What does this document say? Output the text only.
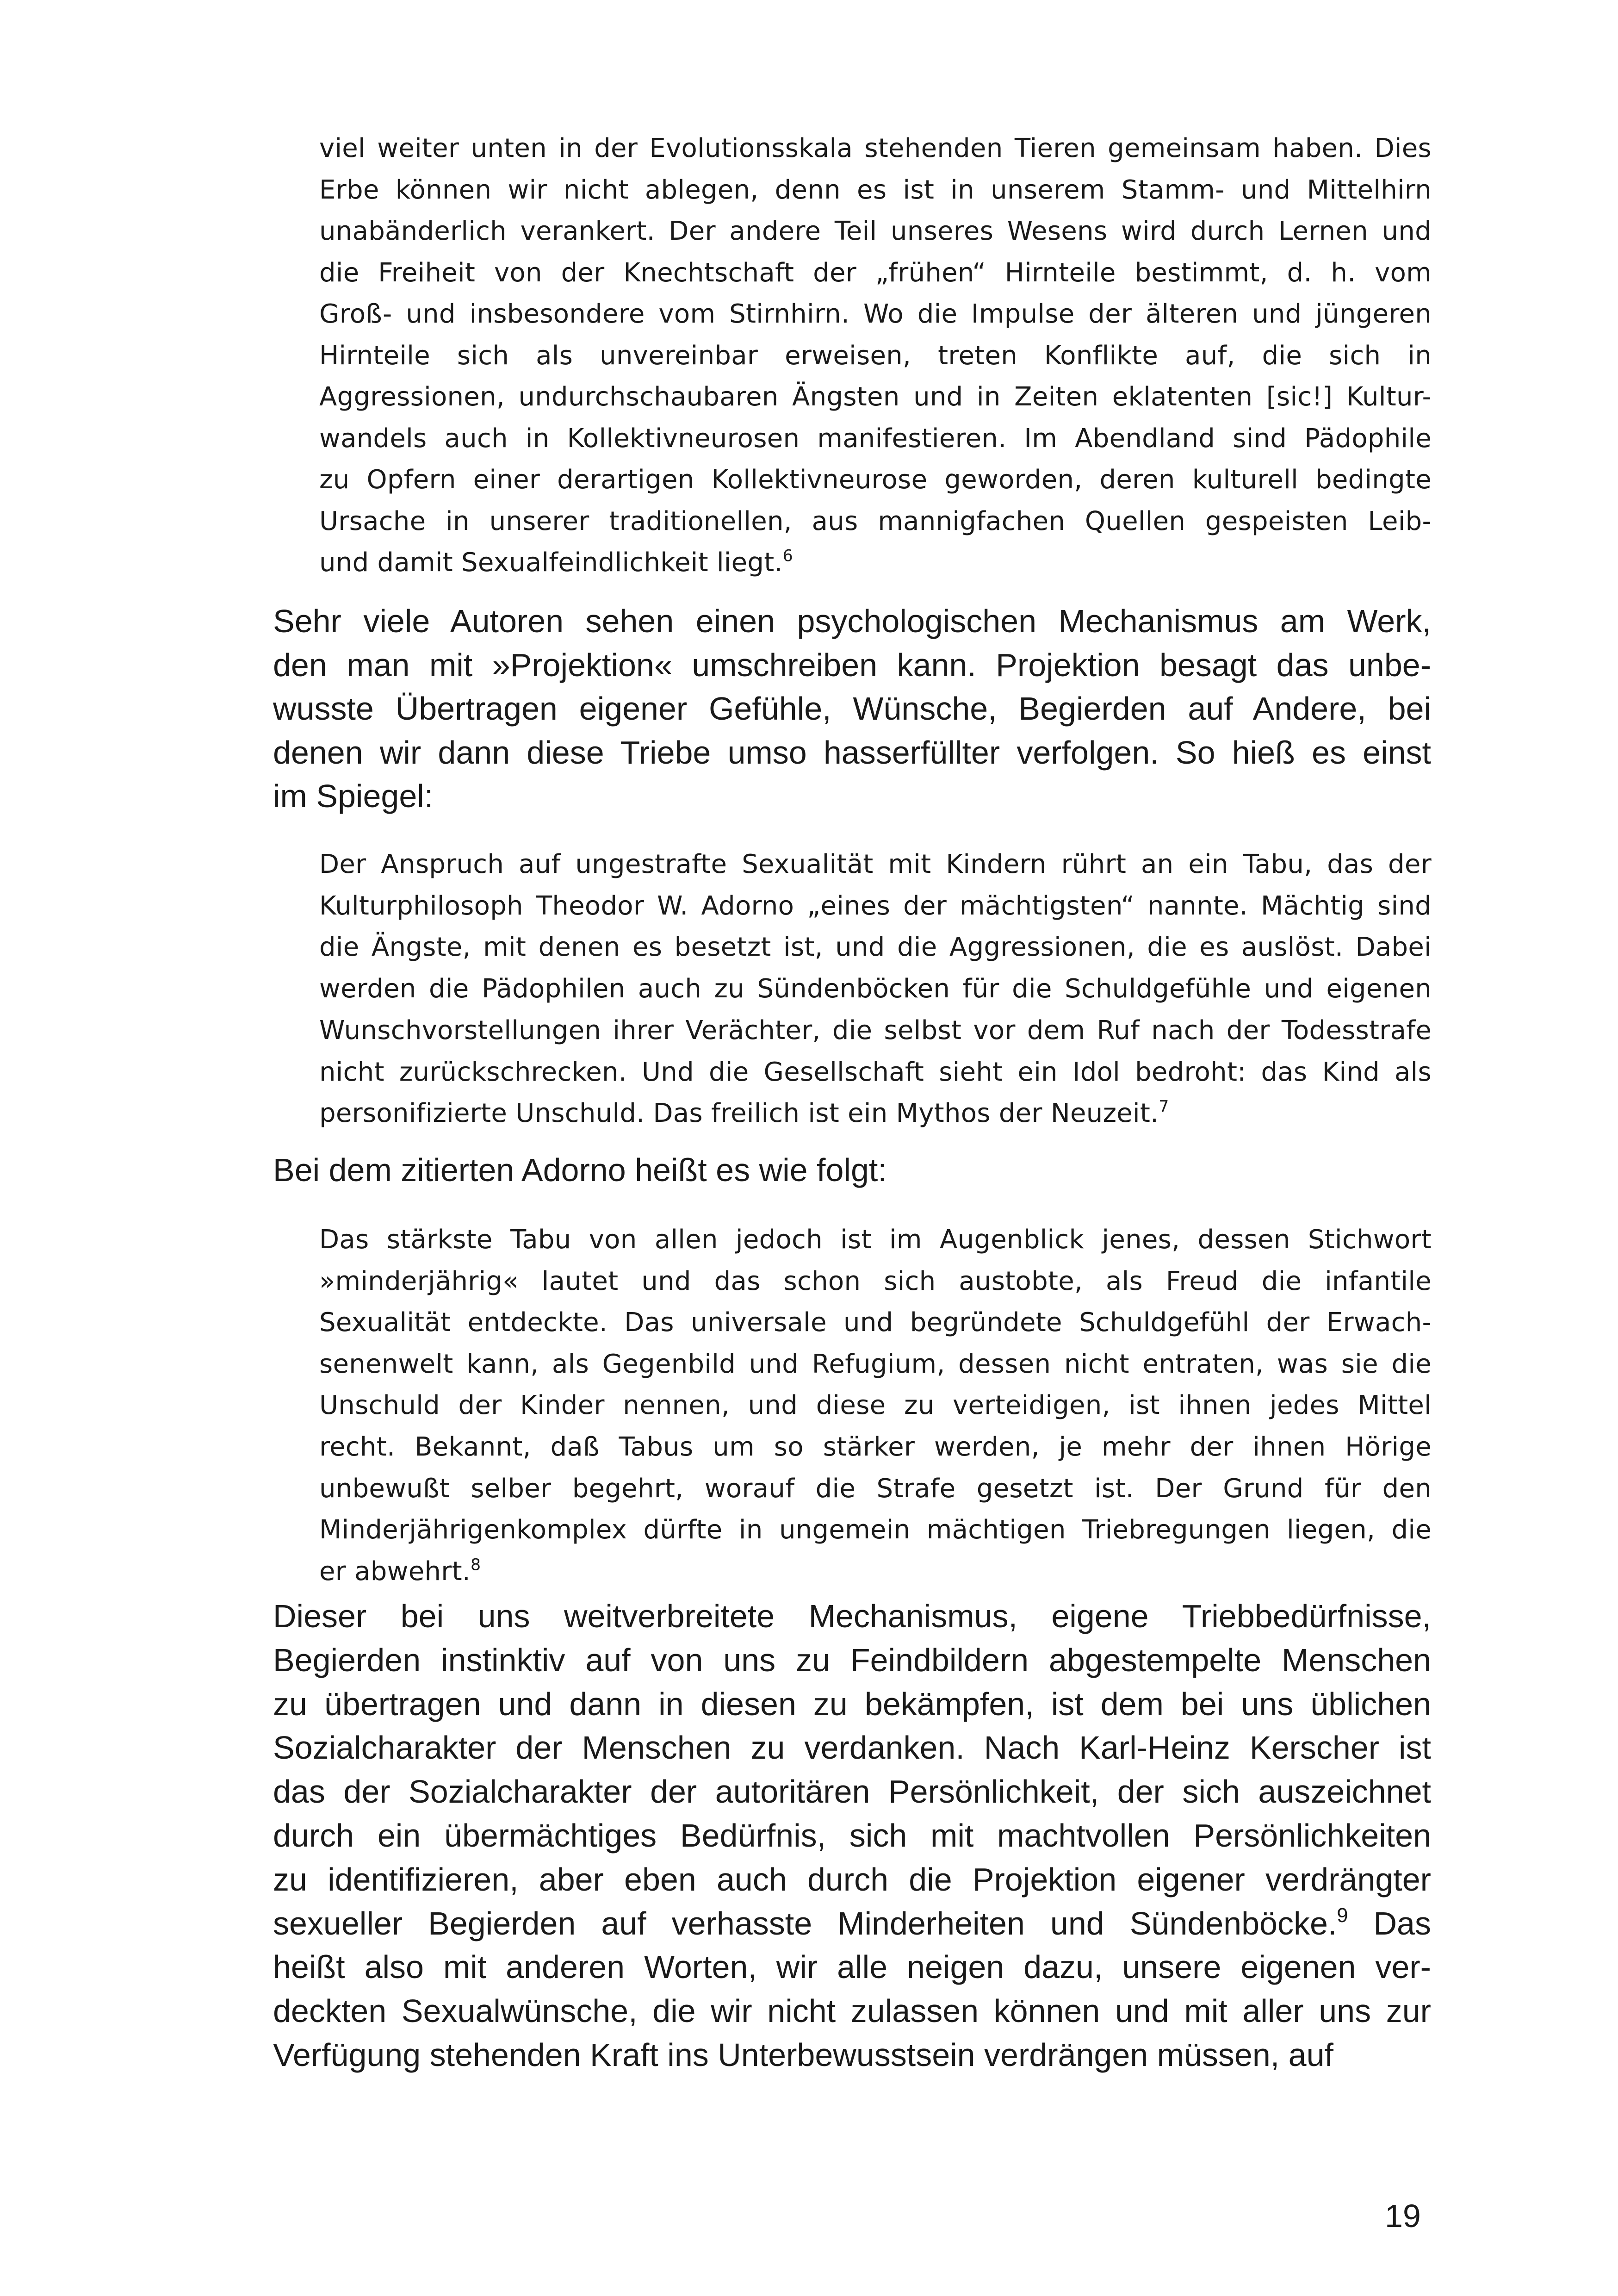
viel weiter unten in der Evolutionsskala stehenden Tieren gemeinsam haben. Dies
Erbe können wir nicht ablegen, denn es ist in unserem Stamm- und Mittelhirn
unabänderlich verankert. Der andere Teil unseres Wesens wird durch Lernen und
die Freiheit von der Knechtschaft der „frühen“ Hirnteile bestimmt, d. h. vom
Groß- und insbesondere vom Stirnhirn. Wo die Impulse der älteren und jüngeren
Hirnteile sich als unvereinbar erweisen, treten Konflikte auf, die sich in
Aggressionen, undurchschaubaren Ängsten und in Zeiten eklatenten [sic!] Kultur-
wandels auch in Kollektivneurosen manifestieren. Im Abendland sind Pädophile
zu Opfern einer derartigen Kollektivneurose geworden, deren kulturell bedingte
Ursache in unserer traditionellen, aus mannigfachen Quellen gespeisten Leib-
und damit Sexualfeindlichkeit liegt.$^6$
Sehr viele Autoren sehen einen psychologischen Mechanismus am Werk,
den man mit »Projektion« umschreiben kann. Projektion besagt das unbe-
wusste Übertragen eigener Gefühle, Wünsche, Begierden auf Andere, bei
denen wir dann diese Triebe umso hasserfüllter verfolgen. So hieß es einst
im Spiegel:
Der Anspruch auf ungestrafte Sexualität mit Kindern rührt an ein Tabu, das der
Kulturphilosoph Theodor W. Adorno „eines der mächtigsten“ nannte. Mächtig sind
die Ängste, mit denen es besetzt ist, und die Aggressionen, die es auslöst. Dabei
werden die Pädophilen auch zu Sündenböcken für die Schuldgefühle und eigenen
Wunschvorstellungen ihrer Verächter, die selbst vor dem Ruf nach der Todesstrafe
nicht zurückschrecken. Und die Gesellschaft sieht ein Idol bedroht: das Kind als
personifizierte Unschuld. Das freilich ist ein Mythos der Neuzeit.$^7$
Bei dem zitierten Adorno heißt es wie folgt:
Das stärkste Tabu von allen jedoch ist im Augenblick jenes, dessen Stichwort
»minderjährig« lautet und das schon sich austobte, als Freud die infantile
Sexualität entdeckte. Das universale und begründete Schuldgefühl der Erwach-
senenwelt kann, als Gegenbild und Refugium, dessen nicht entraten, was sie die
Unschuld der Kinder nennen, und diese zu verteidigen, ist ihnen jedes Mittel
recht. Bekannt, daß Tabus um so stärker werden, je mehr der ihnen Hörige
unbewußt selber begehrt, worauf die Strafe gesetzt ist. Der Grund für den
Minderjährigenkomplex dürfte in ungemein mächtigen Triebregungen liegen, die
er abwehrt.$^8$
Dieser bei uns weitverbreitete Mechanismus, eigene Triebbedürfnisse,
Begierden instinktiv auf von uns zu Feindbildern abgestempelte Menschen
zu übertragen und dann in diesen zu bekämpfen, ist dem bei uns üblichen
Sozialcharakter der Menschen zu verdanken. Nach Karl-Heinz Kerscher ist
das der Sozialcharakter der autoritären Persönlichkeit, der sich auszeichnet
durch ein übermächtiges Bedürfnis, sich mit machtvollen Persönlichkeiten
zu identifizieren, aber eben auch durch die Projektion eigener verdrängter
sexueller Begierden auf verhasste Minderheiten und Sündenböcke.$^9$ Das
heißt also mit anderen Worten, wir alle neigen dazu, unsere eigenen ver-
deckten Sexualwünsche, die wir nicht zulassen können und mit aller uns zur
Verfügung stehenden Kraft ins Unterbewusstsein verdrängen müssen, auf
19
